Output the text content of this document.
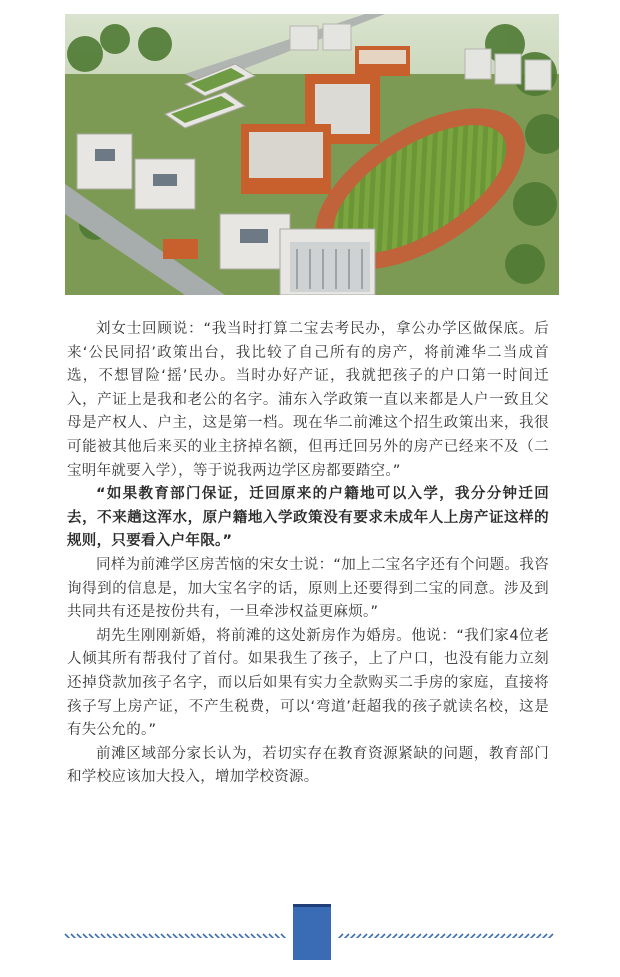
刘女士回顾说：“我当时打算二宝去考民办，拿公办学区做保底。后来‘公民同招’政策出台，我比较了自己所有的房产，将前滩华二当成首选，不想冒险‘摇’民办。当时办好产证，我就把孩子的户口第一时间迁入，产证上是我和老公的名字。浦东入学政策一直以来都是人户一致且父母是产权人、户主，这是第一档。现在华二前滩这个招生政策出来，我很可能被其他后来买的业主挤掉名额，但再迁回另外的房产已经来不及（二宝明年就要入学），等于说我两边学区房都要踏空。”

“如果教育部门保证，迁回原来的户籍地可以入学，我分分钟迁回去，不来趟这浑水，原户籍地入学政策没有要求未成年人上房产证这样的规则，只要看入户年限。”

同样为前滩学区房苦恼的宋女士说：“加上二宝名字还有个问题。我咨询得到的信息是，加大宝名字的话，原则上还要得到二宝的同意。涉及到共同共有还是按份共有，一旦牵涉权益更麻烦。”

胡先生刚刚新婚，将前滩的这处新房作为婚房。他说：“我们家4位老人倾其所有帮我付了首付。如果我生了孩子，上了户口，也没有能力立刻还掉贷款加孩子名字，而以后如果有实力全款购买二手房的家庭，直接将孩子写上房产证，不产生税费，可以‘弯道’赶超我的孩子就读名校，这是有失公允的。”

前滩区域部分家长认为，若切实存在教育资源紧缺的问题，教育部门和学校应该加大投入，增加学校资源。
